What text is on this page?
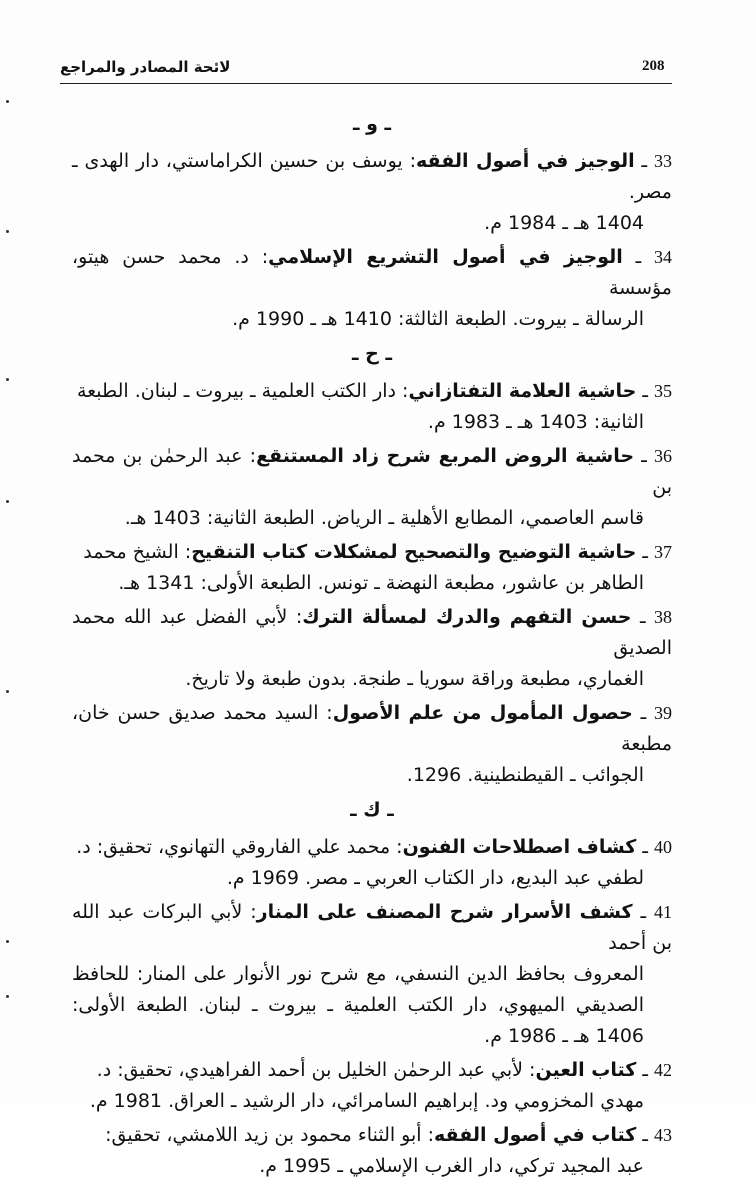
لائحة المصادر والمراجع	208
ـ و ـ
33 ـ الوجيز في أصول الفقه: يوسف بن حسين الكراماستي، دار الهدى ـ مصر.
1404 هـ ـ 1984 م.
34 ـ الوجيز في أصول التشريع الإسلامي: د. محمد حسن هيتو، مؤسسة
الرسالة ـ بيروت. الطبعة الثالثة: 1410 هـ ـ 1990 م.
ـ ح ـ
35 ـ حاشية العلامة التفتازاني: دار الكتب العلمية ـ بيروت ـ لبنان. الطبعة
الثانية: 1403 هـ ـ 1983 م.
36 ـ حاشية الروض المربع شرح زاد المستنقع: عبد الرحمٰن بن محمد بن
قاسم العاصمي، المطابع الأهلية ـ الرياض. الطبعة الثانية: 1403 هـ.
37 ـ حاشية التوضيح والتصحيح لمشكلات كتاب التنقيح: الشيخ محمد
الطاهر بن عاشور، مطبعة النهضة ـ تونس. الطبعة الأولى: 1341 هـ.
38 ـ حسن التفهم والدرك لمسألة الترك: لأبي الفضل عبد الله محمد الصديق
الغماري، مطبعة وراقة سوريا ـ طنجة. بدون طبعة ولا تاريخ.
39 ـ حصول المأمول من علم الأصول: السيد محمد صديق حسن خان، مطبعة
الجوائب ـ القيطنطينية. 1296.
ـ ك ـ
40 ـ كشاف اصطلاحات الفنون: محمد علي الفاروقي التهانوي، تحقيق: د.
لطفي عبد البديع، دار الكتاب العربي ـ مصر. 1969 م.
41 ـ كشف الأسرار شرح المصنف على المنار: لأبي البركات عبد الله بن أحمد
المعروف بحافظ الدين النسفي، مع شرح نور الأنوار على المنار: للحافظ الصديقي الميهوي، دار الكتب العلمية ـ بيروت ـ لبنان. الطبعة الأولى: 1406 هـ ـ 1986 م.
42 ـ كتاب العين: لأبي عبد الرحمٰن الخليل بن أحمد الفراهيدي، تحقيق: د.
مهدي المخزومي ود. إبراهيم السامرائي، دار الرشيد ـ العراق. 1981 م.
43 ـ كتاب في أصول الفقه: أبو الثناء محمود بن زيد اللامشي، تحقيق:
عبد المجيد تركي، دار الغرب الإسلامي ـ 1995 م.
